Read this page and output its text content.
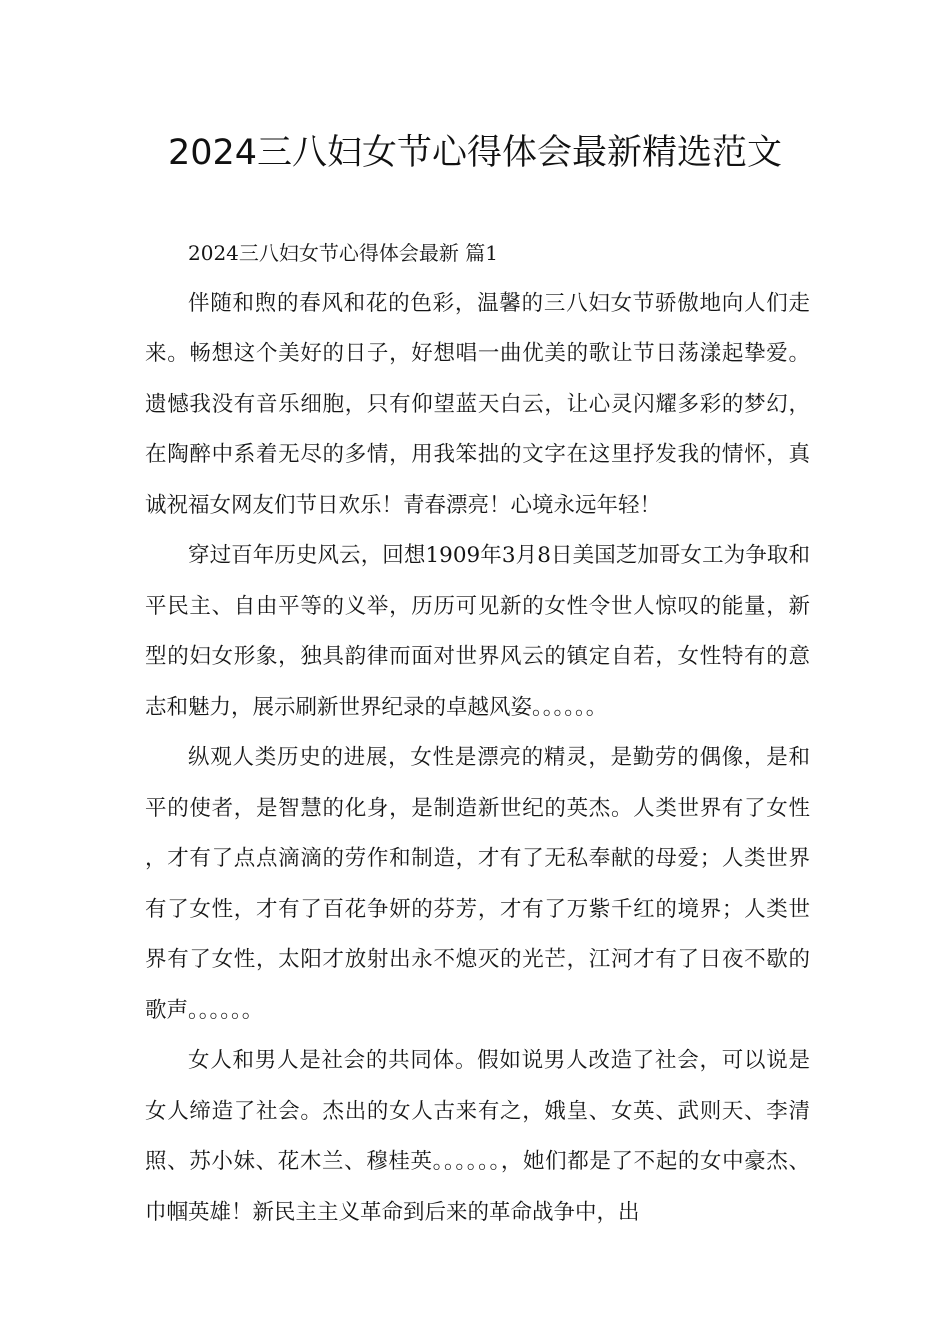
2024三八妇女节心得体会最新精选范文

2024三八妇女节心得体会最新 篇1

伴随和煦的春风和花的色彩，温馨的三八妇女节骄傲地向人们走来。畅想这个美好的日子，好想唱一曲优美的歌让节日荡漾起挚爱。遗憾我没有音乐细胞，只有仰望蓝天白云，让心灵闪耀多彩的梦幻，在陶醉中系着无尽的多情，用我笨拙的文字在这里抒发我的情怀，真诚祝福女网友们节日欢乐！青春漂亮！心境永远年轻！

穿过百年历史风云，回想1909年3月8日美国芝加哥女工为争取和平民主、自由平等的义举，历历可见新的女性令世人惊叹的能量，新型的妇女形象，独具韵律而面对世界风云的镇定自若，女性特有的意志和魅力，展示刷新世界纪录的卓越风姿。。。。。。

纵观人类历史的进展，女性是漂亮的精灵，是勤劳的偶像，是和平的使者，是智慧的化身，是制造新世纪的英杰。人类世界有了女性，才有了点点滴滴的劳作和制造，才有了无私奉献的母爱；人类世界有了女性，才有了百花争妍的芬芳，才有了万紫千红的境界；人类世界有了女性，太阳才放射出永不熄灭的光芒，江河才有了日夜不歇的歌声。。。。。。

女人和男人是社会的共同体。假如说男人改造了社会，可以说是女人缔造了社会。杰出的女人古来有之，娥皇、女英、武则天、李清照、苏小妹、花木兰、穆桂英。。。。。。，她们都是了不起的女中豪杰、巾帼英雄！新民主主义革命到后来的革命战争中，出
